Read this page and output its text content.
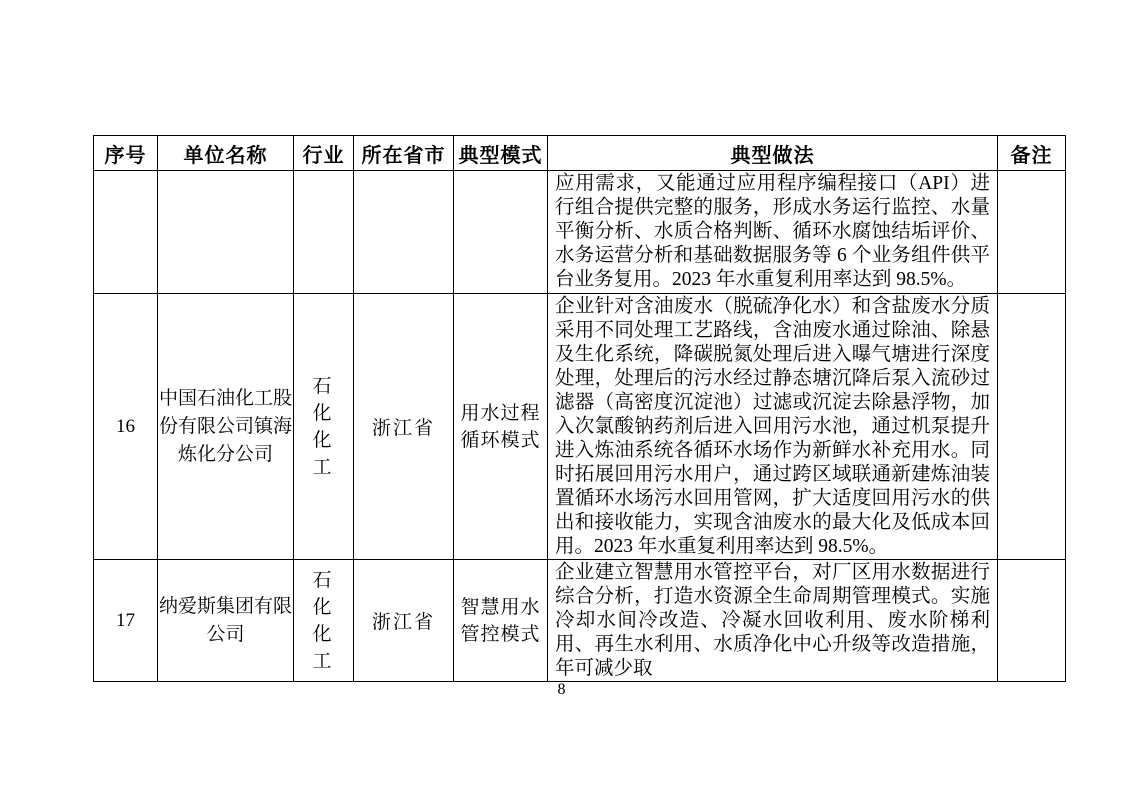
序号	单位名称	行业	所在省市	典型模式	典型做法	备注
					应用需求，又能通过应用程序编程接口（API）进行组合提供完整的服务，形成水务运行监控、水量平衡分析、水质合格判断、循环水腐蚀结垢评价、水务运营分析和基础数据服务等 6 个业务组件供平台业务复用。2023 年水重复利用率达到 98.5%。	
16	中国石油化工股份有限公司镇海炼化分公司	石化化工	浙江省	用水过程循环模式	企业针对含油废水（脱硫净化水）和含盐废水分质采用不同处理工艺路线，含油废水通过除油、除悬及生化系统，降碳脱氮处理后进入曝气塘进行深度处理，处理后的污水经过静态塘沉降后泵入流砂过滤器（高密度沉淀池）过滤或沉淀去除悬浮物，加入次氯酸钠药剂后进入回用污水池，通过机泵提升进入炼油系统各循环水场作为新鲜水补充用水。同时拓展回用污水用户，通过跨区域联通新建炼油装置循环水场污水回用管网，扩大适度回用污水的供出和接收能力，实现含油废水的最大化及低成本回用。2023 年水重复利用率达到 98.5%。	
17	纳爱斯集团有限公司	石化化工	浙江省	智慧用水管控模式	企业建立智慧用水管控平台，对厂区用水数据进行综合分析，打造水资源全生命周期管理模式。实施冷却水间冷改造、冷凝水回收利用、废水阶梯利用、再生水利用、水质净化中心升级等改造措施，年可减少取	
8
